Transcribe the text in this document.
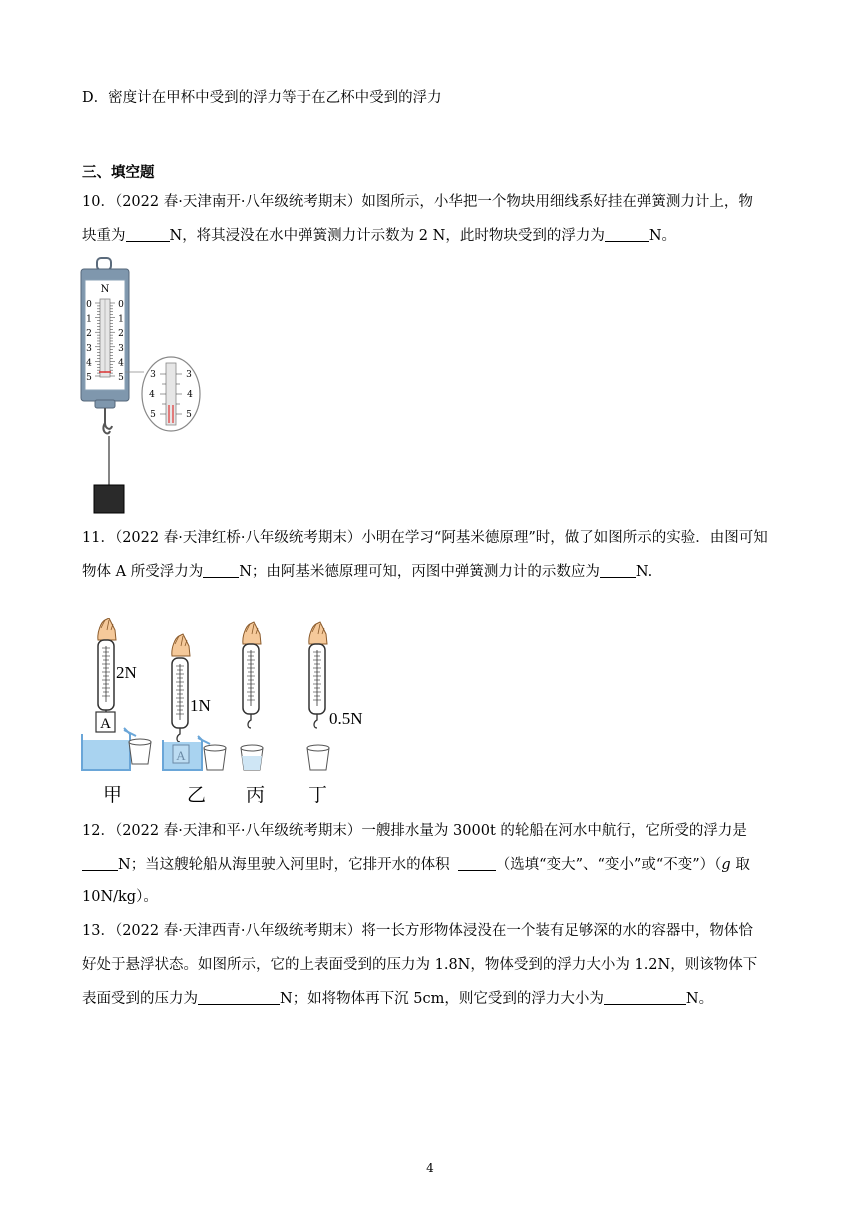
D．密度计在甲杯中受到的浮力等于在乙杯中受到的浮力
三、填空题
10．（2022 春·天津南开·八年级统考期末）如图所示，小华把一个物块用细线系好挂在弹簧测力计上，物
块重为	N，将其浸没在水中弹簧测力计示数为 2 N，此时物块受到的浮力为	N。
N
0	0
1	1
2	2
3	3
4	4
5	5	3	3
4	4
5	5
11．（2022 春·天津红桥·八年级统考期末）小明在学习“阿基米德原理”时，做了如图所示的实验．由图可知
物体 A 所受浮力为 N；由阿基米德原理可知，丙图中弹簧测力计的示数应为 N.
A
2N
1N
A
0.5N
甲	乙 丙 丁
12．（2022 春·天津和平·八年级统考期末）一艘排水量为 3000t 的轮船在河水中航行，它所受的浮力是
N；当这艘轮船从海里驶入河里时，它排开水的体积	（选填“变大”、“变小”或“不变”）（g 取
10N/kg）。
13．（2022 春·天津西青·八年级统考期末）将一长方形物体浸没在一个装有足够深的水的容器中，物体恰
好处于悬浮状态。如图所示，它的上表面受到的压力为 1.8N，物体受到的浮力大小为 1.2N，则该物体下
表面受到的压力为	N；如将物体再下沉 5cm，则它受到的浮力大小为	N。
4
